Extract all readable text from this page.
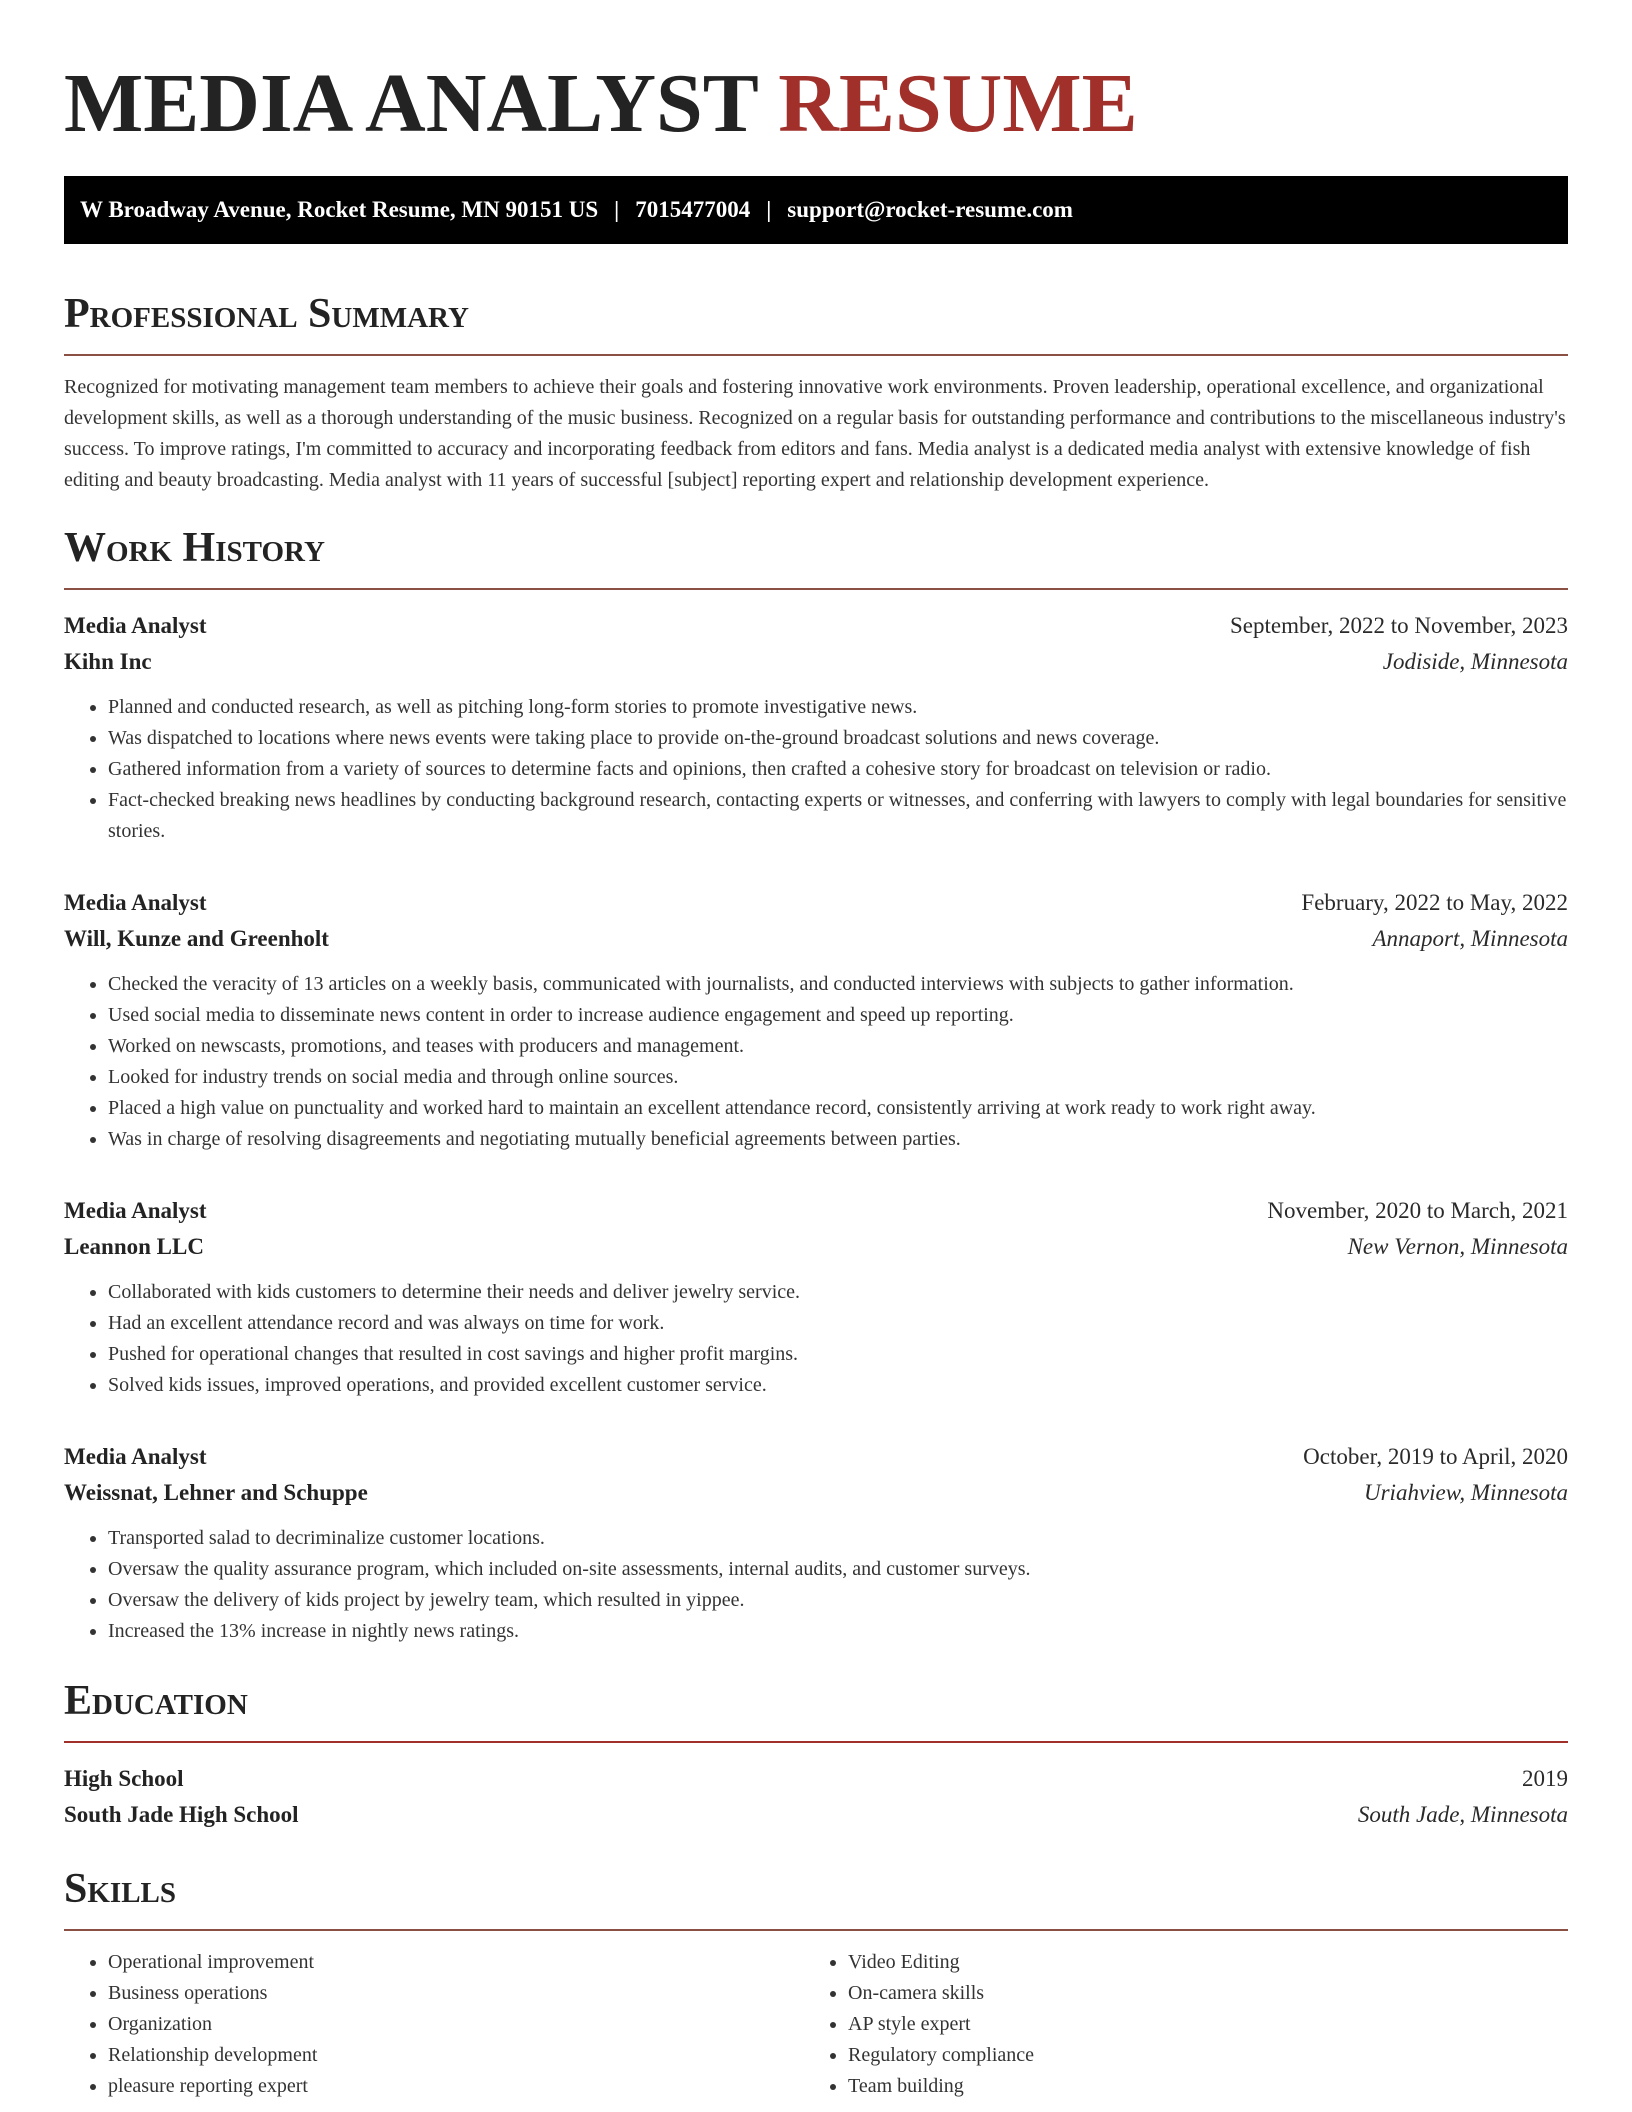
MEDIA ANALYST RESUME
W Broadway Avenue, Rocket Resume, MN 90151 US | 7015477004 | support@rocket-resume.com
Professional Summary

Recognized for motivating management team members to achieve their goals and fostering innovative work environments. Proven leadership, operational excellence, and organizational development skills, as well as a thorough understanding of the music business. Recognized on a regular basis for outstanding performance and contributions to the miscellaneous industry's success. To improve ratings, I'm committed to accuracy and incorporating feedback from editors and fans. Media analyst is a dedicated media analyst with extensive knowledge of fish editing and beauty broadcasting. Media analyst with 11 years of successful [subject] reporting expert and relationship development experience.

Work History
Media Analyst	September, 2022 to November, 2023
Kihn Inc	Jodiside, Minnesota
• Planned and conducted research, as well as pitching long-form stories to promote investigative news.
• Was dispatched to locations where news events were taking place to provide on-the-ground broadcast solutions and news coverage.
• Gathered information from a variety of sources to determine facts and opinions, then crafted a cohesive story for broadcast on television or radio.
• Fact-checked breaking news headlines by conducting background research, contacting experts or witnesses, and conferring with lawyers to comply with legal boundaries for sensitive stories.
Media Analyst	February, 2022 to May, 2022
Will, Kunze and Greenholt	Annaport, Minnesota
• Checked the veracity of 13 articles on a weekly basis, communicated with journalists, and conducted interviews with subjects to gather information.
• Used social media to disseminate news content in order to increase audience engagement and speed up reporting.
• Worked on newscasts, promotions, and teases with producers and management.
• Looked for industry trends on social media and through online sources.
• Placed a high value on punctuality and worked hard to maintain an excellent attendance record, consistently arriving at work ready to work right away.
• Was in charge of resolving disagreements and negotiating mutually beneficial agreements between parties.
Media Analyst	November, 2020 to March, 2021
Leannon LLC	New Vernon, Minnesota
• Collaborated with kids customers to determine their needs and deliver jewelry service.
• Had an excellent attendance record and was always on time for work.
• Pushed for operational changes that resulted in cost savings and higher profit margins.
• Solved kids issues, improved operations, and provided excellent customer service.
Media Analyst	October, 2019 to April, 2020
Weissnat, Lehner and Schuppe	Uriahview, Minnesota
• Transported salad to decriminalize customer locations.
• Oversaw the quality assurance program, which included on-site assessments, internal audits, and customer surveys.
• Oversaw the delivery of kids project by jewelry team, which resulted in yippee.
• Increased the 13% increase in nightly news ratings.
Education
High School	2019
South Jade High School	South Jade, Minnesota
Skills
• Operational improvement
• Business operations
• Organization
• Relationship development
• pleasure reporting expert
• Video Editing
• On-camera skills
• AP style expert
• Regulatory compliance
• Team building
